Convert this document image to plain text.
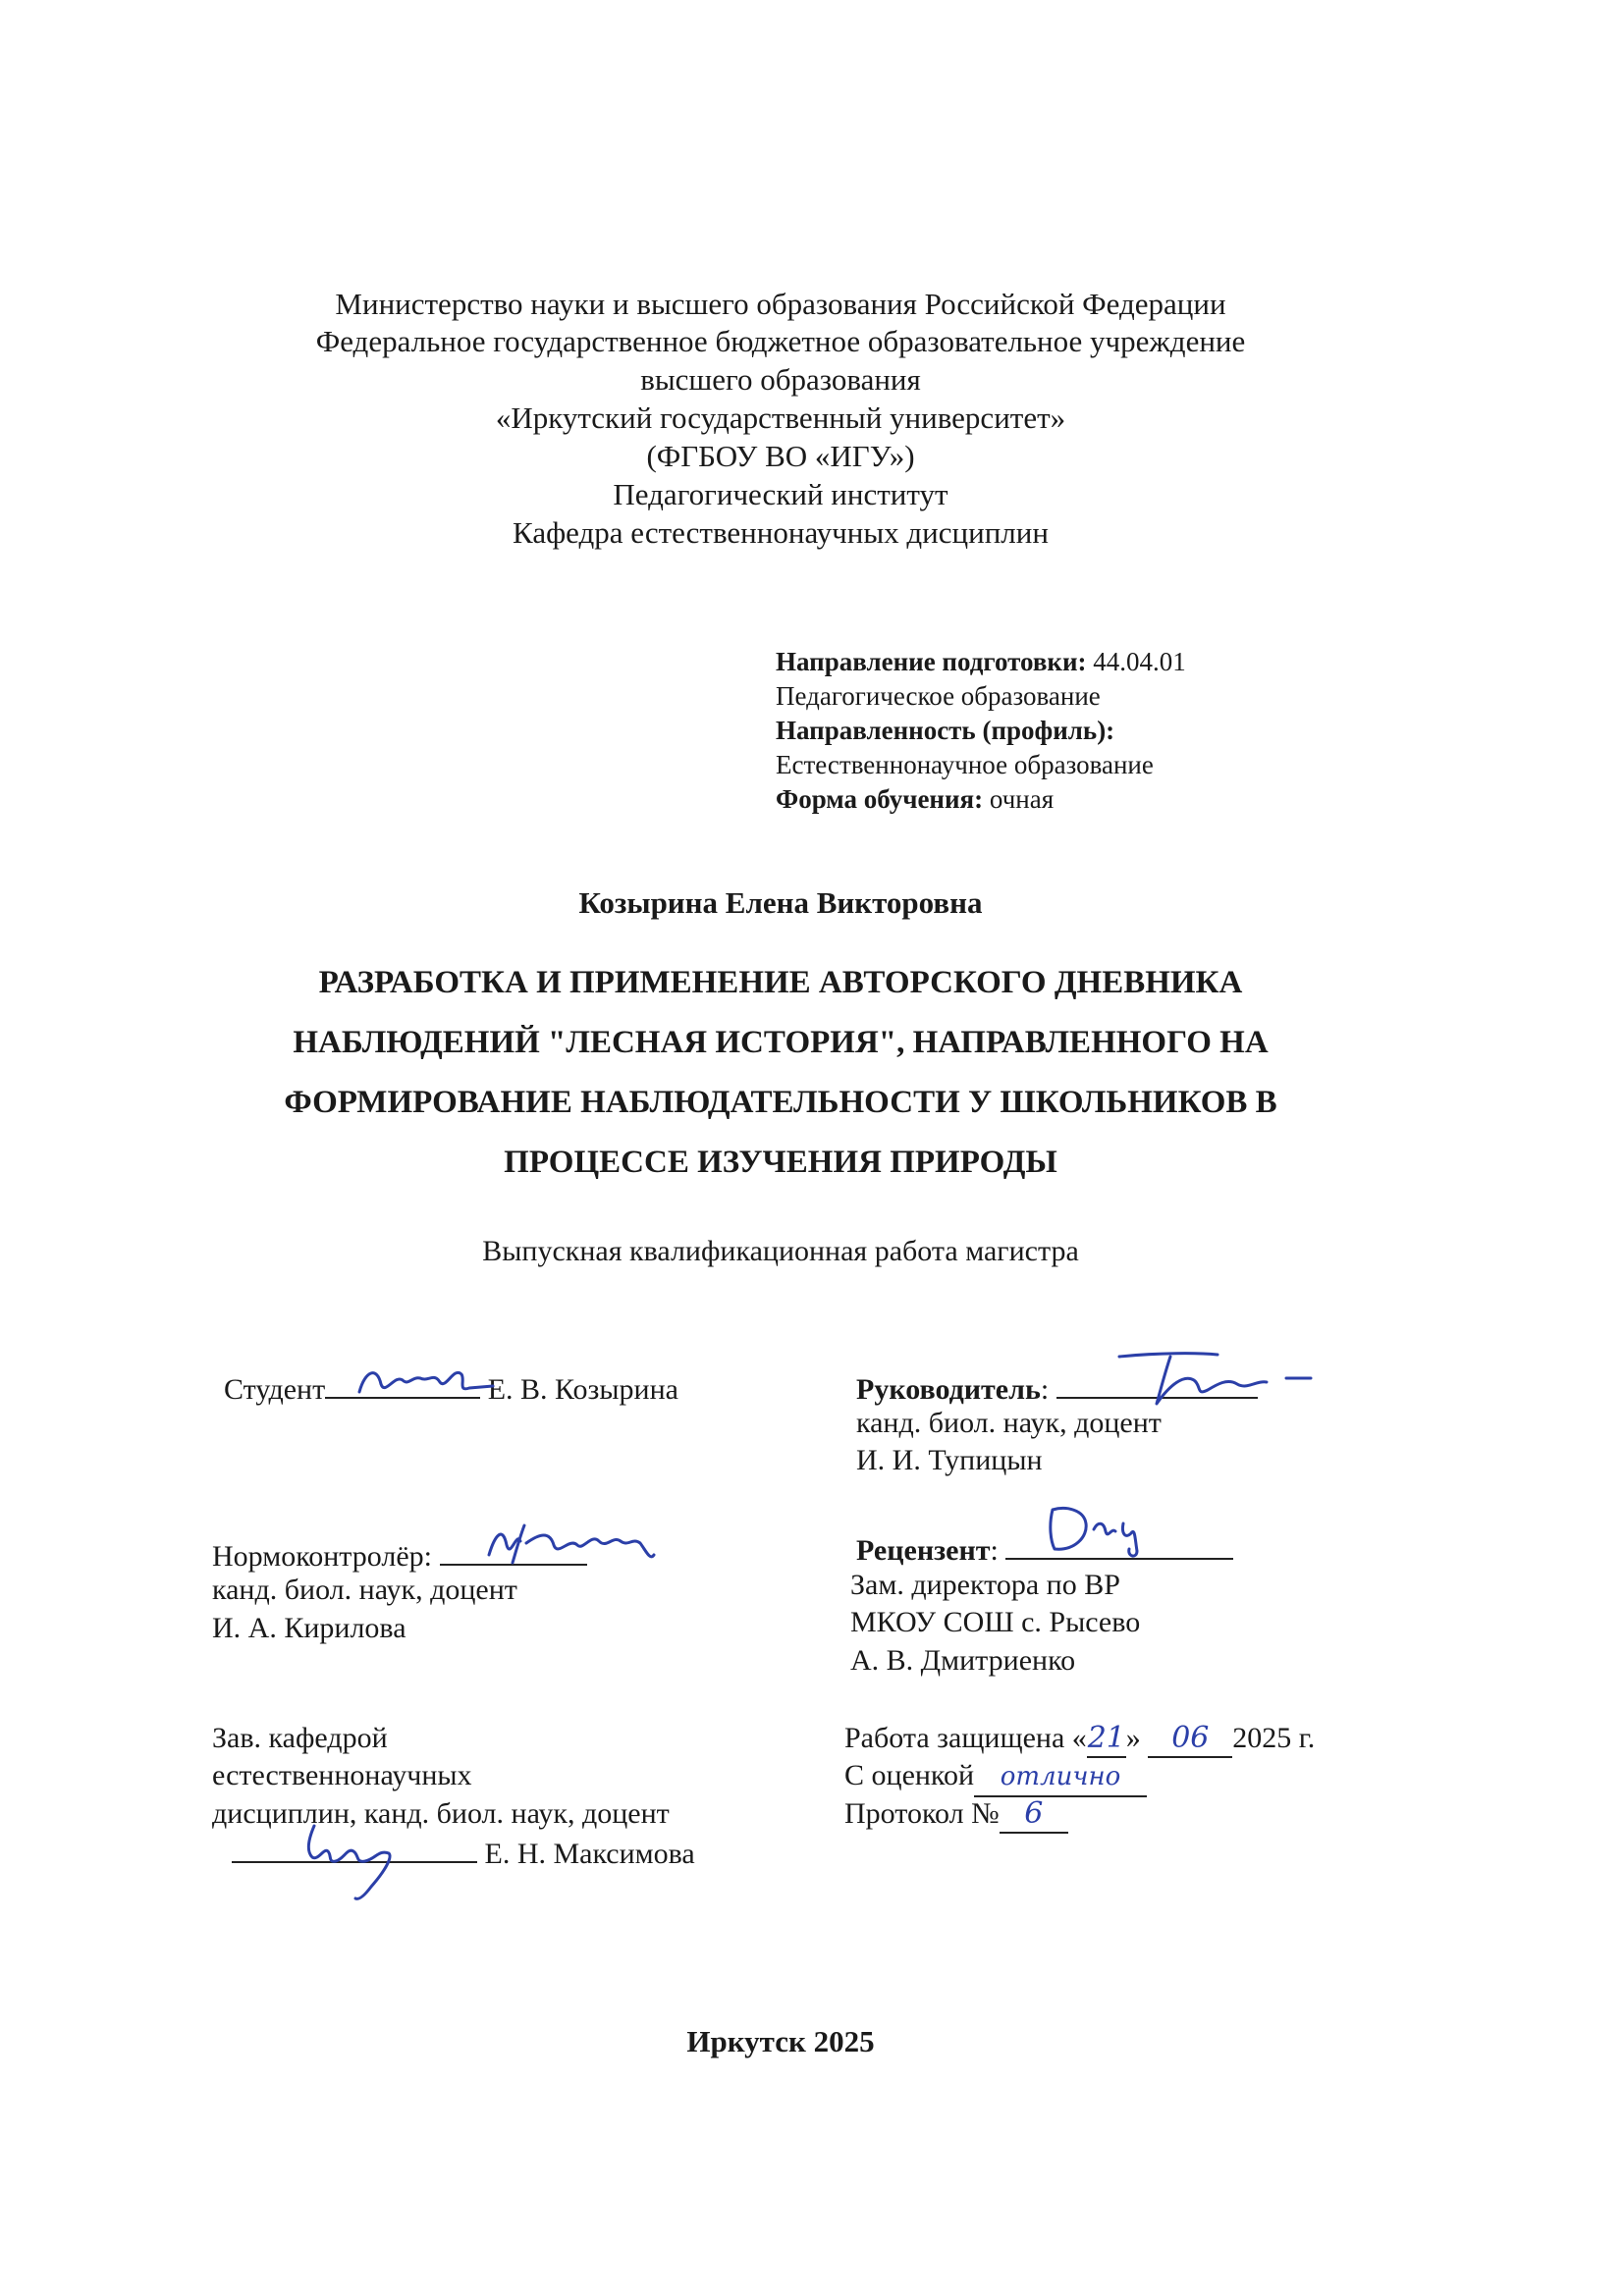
Министерство науки и высшего образования Российской Федерации
Федеральное государственное бюджетное образовательное учреждение
высшего образования
«Иркутский государственный университет»
(ФГБОУ ВО «ИГУ»)
Педагогический институт
Кафедра естественнонаучных дисциплин
Направление подготовки: 44.04.01
Педагогическое образование
Направленность (профиль):
Естественнонаучное образование
Форма обучения: очная
Козырина Елена Викторовна
РАЗРАБОТКА И ПРИМЕНЕНИЕ АВТОРСКОГО ДНЕВНИКА
НАБЛЮДЕНИЙ "ЛЕСНАЯ ИСТОРИЯ", НАПРАВЛЕННОГО НА
ФОРМИРОВАНИЕ НАБЛЮДАТЕЛЬНОСТИ У ШКОЛЬНИКОВ В
ПРОЦЕССЕ ИЗУЧЕНИЯ ПРИРОДЫ
Выпускная квалификационная работа магистра
Студент	Е. В. Козырина	Руководитель:
канд. биол. наук, доцент
И. И. Тупицын
Нормоконтролёр:
канд. биол. наук, доцент
И. А. Кирилова
Рецензент:
Зам. директора по ВР
МКОУ СОШ с. Рысево
А. В. Дмитриенко
Зав. кафедрой
естественнонаучных
дисциплин, канд. биол. наук, доцент
Е. Н. Максимова
Работа защищена «21» 06 2025 г.
С оценкой отлично
Протокол № 6
Иркутск 2025
